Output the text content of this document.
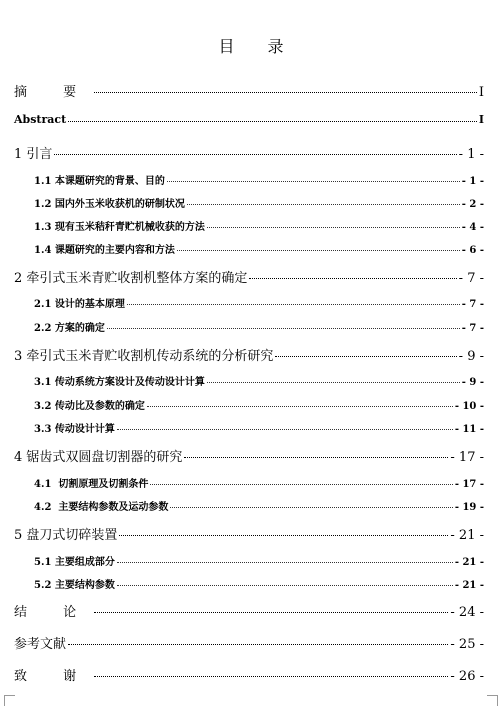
目 录
摘 要	I
Abstract	I
1 引言	- 1 -
1.1 本课题研究的背景、目的	- 1 -
1.2 国内外玉米收获机的研制状况	- 2 -
1.3 现有玉米秸秆青贮机械收获的方法	- 4 -
1.4 课题研究的主要内容和方法	- 6 -
2 牵引式玉米青贮收割机整体方案的确定	- 7 -
2.1 设计的基本原理	- 7 -
2.2 方案的确定	- 7 -
3 牵引式玉米青贮收割机传动系统的分析研究	- 9 -
3.1 传动系统方案设计及传动设计计算	- 9 -
3.2 传动比及参数的确定	- 10 -
3.3 传动设计计算	- 11 -
4 锯齿式双圆盘切割器的研究	- 17 -
4.1  切割原理及切割条件	- 17 -
4.2  主要结构参数及运动参数	- 19 -
5 盘刀式切碎装置	- 21 -
5.1 主要组成部分	- 21 -
5.2 主要结构参数	- 21 -
结 论	- 24 -
参考文献	- 25 -
致 谢	- 26 -
